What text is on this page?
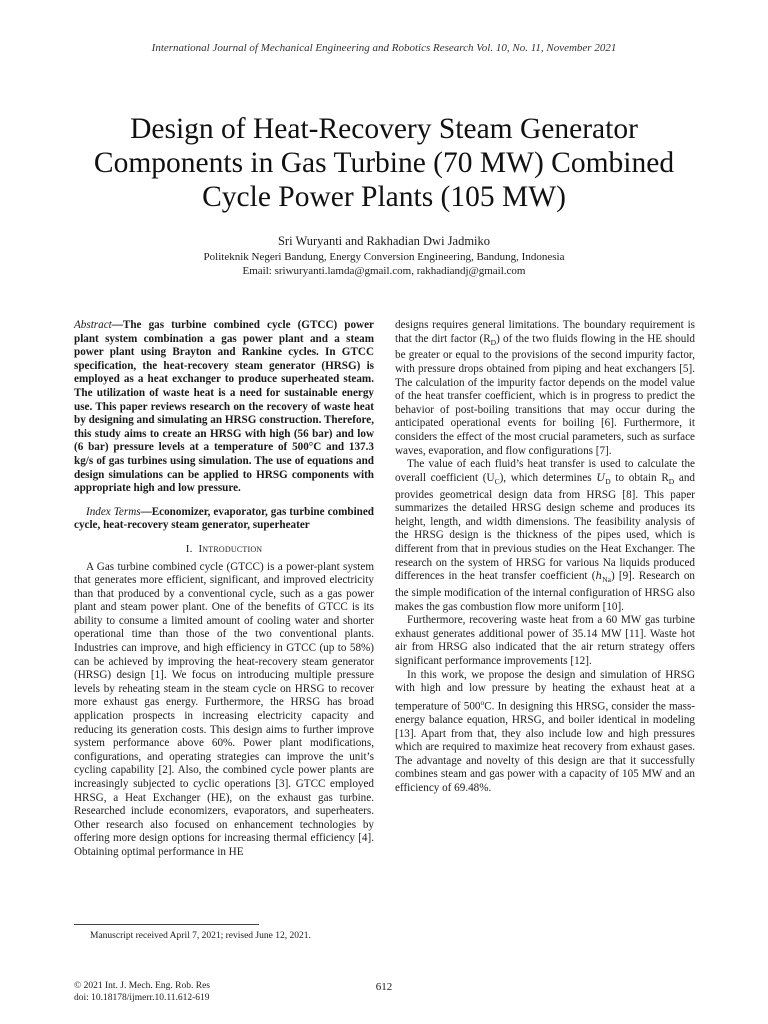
International Journal of Mechanical Engineering and Robotics Research Vol. 10, No. 11, November 2021
Design of Heat-Recovery Steam Generator Components in Gas Turbine (70 MW) Combined Cycle Power Plants (105 MW)
Sri Wuryanti and Rakhadian Dwi Jadmiko
Politeknik Negeri Bandung, Energy Conversion Engineering, Bandung, Indonesia
Email: sriwuryanti.lamda@gmail.com, rakhadiandj@gmail.com

Abstract—The gas turbine combined cycle (GTCC) power plant system combination a gas power plant and a steam power plant using Brayton and Rankine cycles. In GTCC specification, the heat-recovery steam generator (HRSG) is employed as a heat exchanger to produce superheated steam. The utilization of waste heat is a need for sustainable energy use. This paper reviews research on the recovery of waste heat by designing and simulating an HRSG construction. Therefore, this study aims to create an HRSG with high (56 bar) and low (6 bar) pressure levels at a temperature of 500°C and 137.3 kg/s of gas turbines using simulation. The use of equations and design simulations can be applied to HRSG components with appropriate high and low pressure.

Index Terms—Economizer, evaporator, gas turbine combined cycle, heat-recovery steam generator, superheater

I. Introduction

A Gas turbine combined cycle (GTCC) is a power-plant system that generates more efficient, significant, and improved electricity than that produced by a conventional cycle, such as a gas power plant and steam power plant. One of the benefits of GTCC is its ability to consume a limited amount of cooling water and shorter operational time than those of the two conventional plants. Industries can improve, and high efficiency in GTCC (up to 58%) can be achieved by improving the heat-recovery steam generator (HRSG) design [1]. We focus on introducing multiple pressure levels by reheating steam in the steam cycle on HRSG to recover more exhaust gas energy. Furthermore, the HRSG has broad application prospects in increasing electricity capacity and reducing its generation costs. This design aims to further improve system performance above 60%. Power plant modifications, configurations, and operating strategies can improve the unit’s cycling capability [2]. Also, the combined cycle power plants are increasingly subjected to cyclic operations [3]. GTCC employed HRSG, a Heat Exchanger (HE), on the exhaust gas turbine. Researched include economizers, evaporators, and superheaters. Other research also focused on enhancement technologies by offering more design options for increasing thermal efficiency [4]. Obtaining optimal performance in HE

designs requires general limitations. The boundary requirement is that the dirt factor $(R_D)$ of the two fluids flowing in the HE should be greater or equal to the provisions of the second impurity factor, with pressure drops obtained from piping and heat exchangers [5]. The calculation of the impurity factor depends on the model value of the heat transfer coefficient, which is in progress to predict the behavior of post-boiling transitions that may occur during the anticipated operational events for boiling [6]. Furthermore, it considers the effect of the most crucial parameters, such as surface waves, evaporation, and flow configurations [7].

The value of each fluid’s heat transfer is used to calculate the overall coefficient $(U_C)$, which determines $U_D$ to obtain $R_D$ and provides geometrical design data from HRSG [8]. This paper summarizes the detailed HRSG design scheme and produces its height, length, and width dimensions. The feasibility analysis of the HRSG design is the thickness of the pipes used, which is different from that in previous studies on the Heat Exchanger. The research on the system of HRSG for various Na liquids produced differences in the heat transfer coefficient $(h_{Na})$ [9]. Research on the simple modification of the internal configuration of HRSG also makes the gas combustion flow more uniform [10].

Furthermore, recovering waste heat from a 60 MW gas turbine exhaust generates additional power of 35.14 MW [11]. Waste hot air from HRSG also indicated that the air return strategy offers significant performance improvements [12].

In this work, we propose the design and simulation of HRSG with high and low pressure by heating the exhaust heat at a temperature of 500$^o$C. In designing this HRSG, consider the mass-energy balance equation, HRSG, and boiler identical in modeling [13]. Apart from that, they also include low and high pressures which are required to maximize heat recovery from exhaust gases. The advantage and novelty of this design are that it successfully combines steam and gas power with a capacity of 105 MW and an efficiency of 69.48%.

Manuscript received April 7, 2021; revised June 12, 2021.
© 2021 Int. J. Mech. Eng. Rob. Res
doi: 10.18178/ijmerr.10.11.612-619
612
